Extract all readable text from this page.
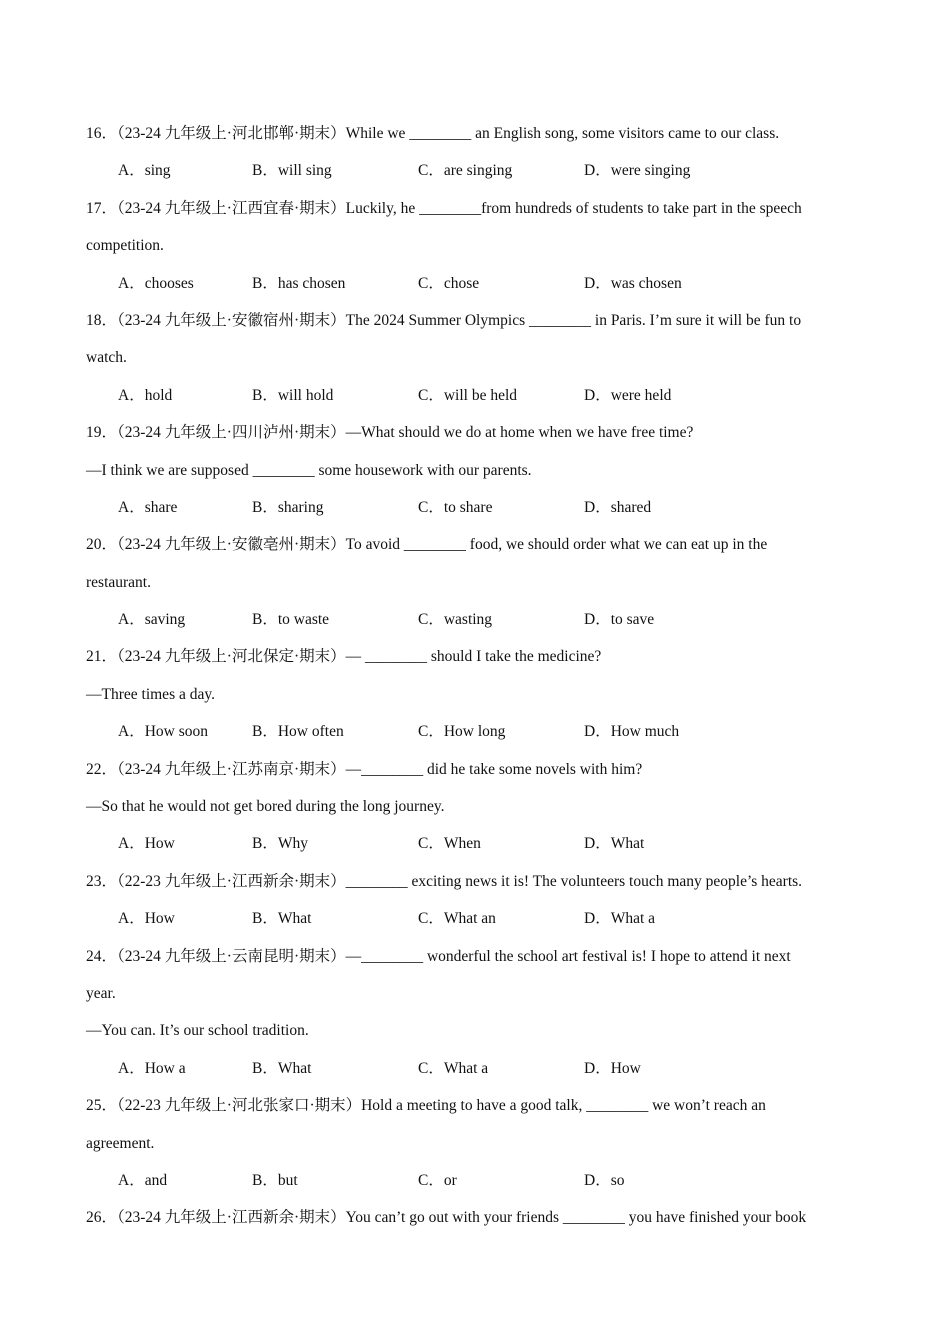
16．（23-24 九年级上·河北邯郸·期末）While we ________ an English song, some visitors came to our class.
A．sing	B．will sing	C．are singing	D．were singing
17．（23-24 九年级上·江西宜春·期末）Luckily, he ________from hundreds of students to take part in the speech
competition.
A．chooses	B．has chosen	C．chose	D．was chosen
18．（23-24 九年级上·安徽宿州·期末）The 2024 Summer Olympics ________ in Paris. I’m sure it will be fun to
watch.
A．hold	B．will hold	C．will be held	D．were held
19．（23-24 九年级上·四川泸州·期末）—What should we do at home when we have free time?
—I think we are supposed ________ some housework with our parents.
A．share	B．sharing	C．to share	D．shared
20．（23-24 九年级上·安徽亳州·期末）To avoid ________ food, we should order what we can eat up in the
restaurant.
A．saving	B．to waste	C．wasting	D．to save
21．（23-24 九年级上·河北保定·期末）— ________ should I take the medicine?
—Three times a day.
A．How soon	B．How often	C．How long	D．How much
22．（23-24 九年级上·江苏南京·期末）—________ did he take some novels with him?
—So that he would not get bored during the long journey.
A．How	B．Why	C．When	D．What
23．（22-23 九年级上·江西新余·期末）________ exciting news it is! The volunteers touch many people’s hearts.
A．How	B．What	C．What an	D．What a
24．（23-24 九年级上·云南昆明·期末）—________ wonderful the school art festival is! I hope to attend it next
year.
—You can. It’s our school tradition.
A．How a	B．What	C．What a	D．How
25．（22-23 九年级上·河北张家口·期末）Hold a meeting to have a good talk, ________ we won’t reach an
agreement.
A．and	B．but	C．or	D．so
26．（23-24 九年级上·江西新余·期末）You can’t go out with your friends ________ you have finished your book
